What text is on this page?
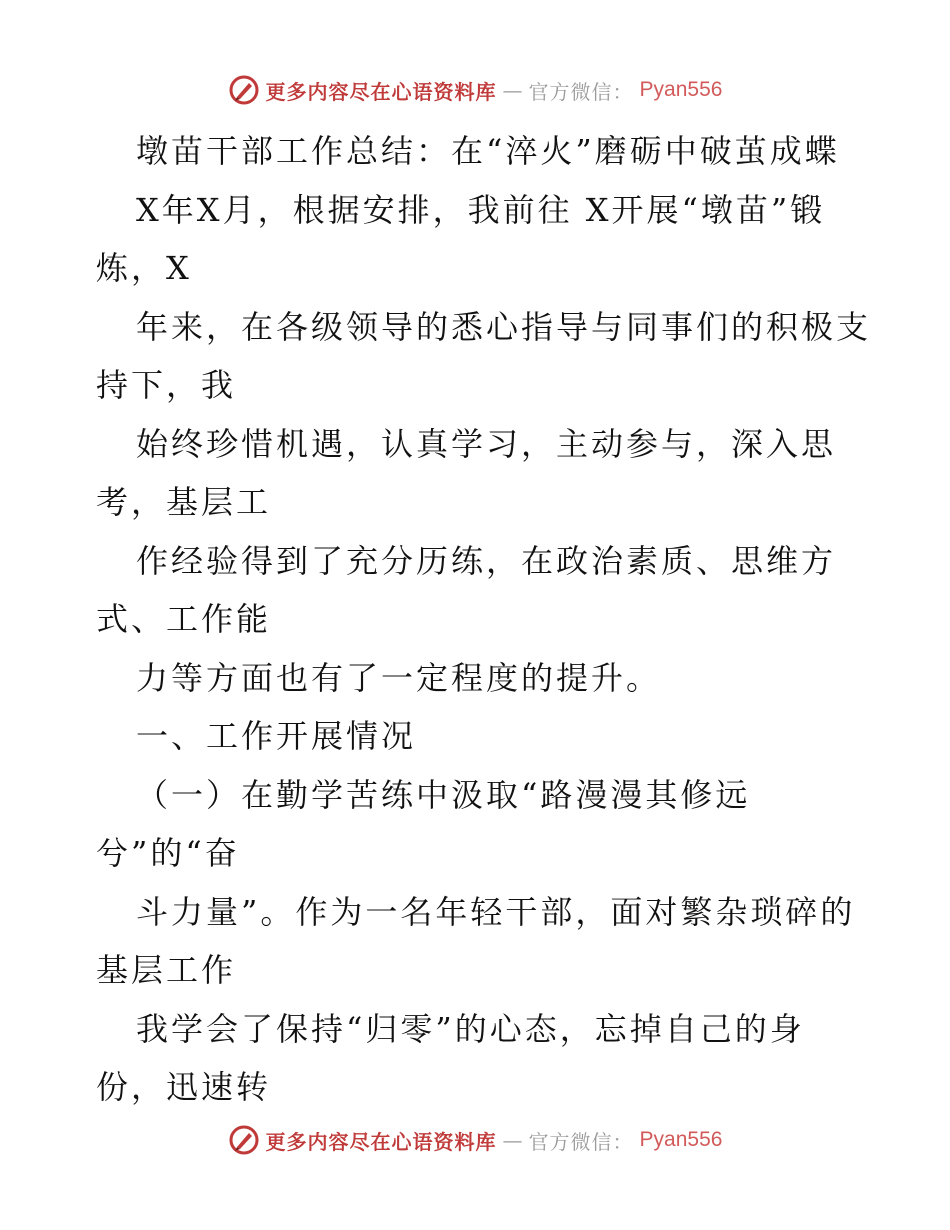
更多内容尽在心语资料库 — 官方微信： Pyan556
墩苗干部工作总结：在“淬火”磨砺中破茧成蝶
X年X月，根据安排，我前往 X开展“墩苗”锻
炼，X
年来，在各级领导的悉心指导与同事们的积极支
持下，我
始终珍惜机遇，认真学习，主动参与，深入思
考，基层工
作经验得到了充分历练，在政治素质、思维方
式、工作能
力等方面也有了一定程度的提升。
一、工作开展情况
（一）在勤学苦练中汲取“路漫漫其修远
兮”的“奋
斗力量”。作为一名年轻干部，面对繁杂琐碎的
基层工作
我学会了保持“归零”的心态，忘掉自己的身
份，迅速转
更多内容尽在心语资料库 — 官方微信： Pyan556
